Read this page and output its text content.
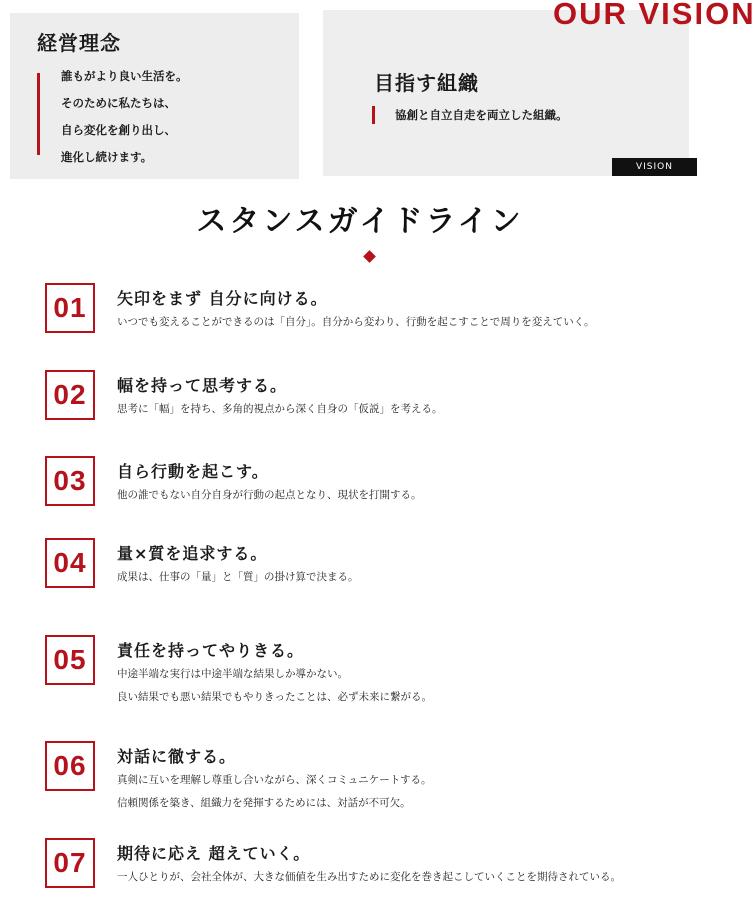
経営理念
誰もがより良い生活を。
そのために私たちは、
自ら変化を創り出し、
進化し続けます。
目指す組織
協創と自立自走を両立した組織。
OUR VISION
VISION
スタンスガイドライン
01	矢印をまず 自分に向ける。
いつでも変えることができるのは「自分」。自分から変わり、行動を起こすことで周りを変えていく。
02	幅を持って思考する。
思考に「幅」を持ち、多角的視点から深く自身の「仮説」を考える。
03	自ら行動を起こす。
他の誰でもない自分自身が行動の起点となり、現状を打開する。
04	量×質を追求する。
成果は、仕事の「量」と「質」の掛け算で決まる。
05	責任を持ってやりきる。
中途半端な実行は中途半端な結果しか導かない。
良い結果でも悪い結果でもやりきったことは、必ず未来に繋がる。
06	対話に徹する。
真剣に互いを理解し尊重し合いながら、深くコミュニケートする。
信頼関係を築き、組織力を発揮するためには、対話が不可欠。
07	期待に応え 超えていく。
一人ひとりが、会社全体が、大きな価値を生み出すために変化を巻き起こしていくことを期待されている。
